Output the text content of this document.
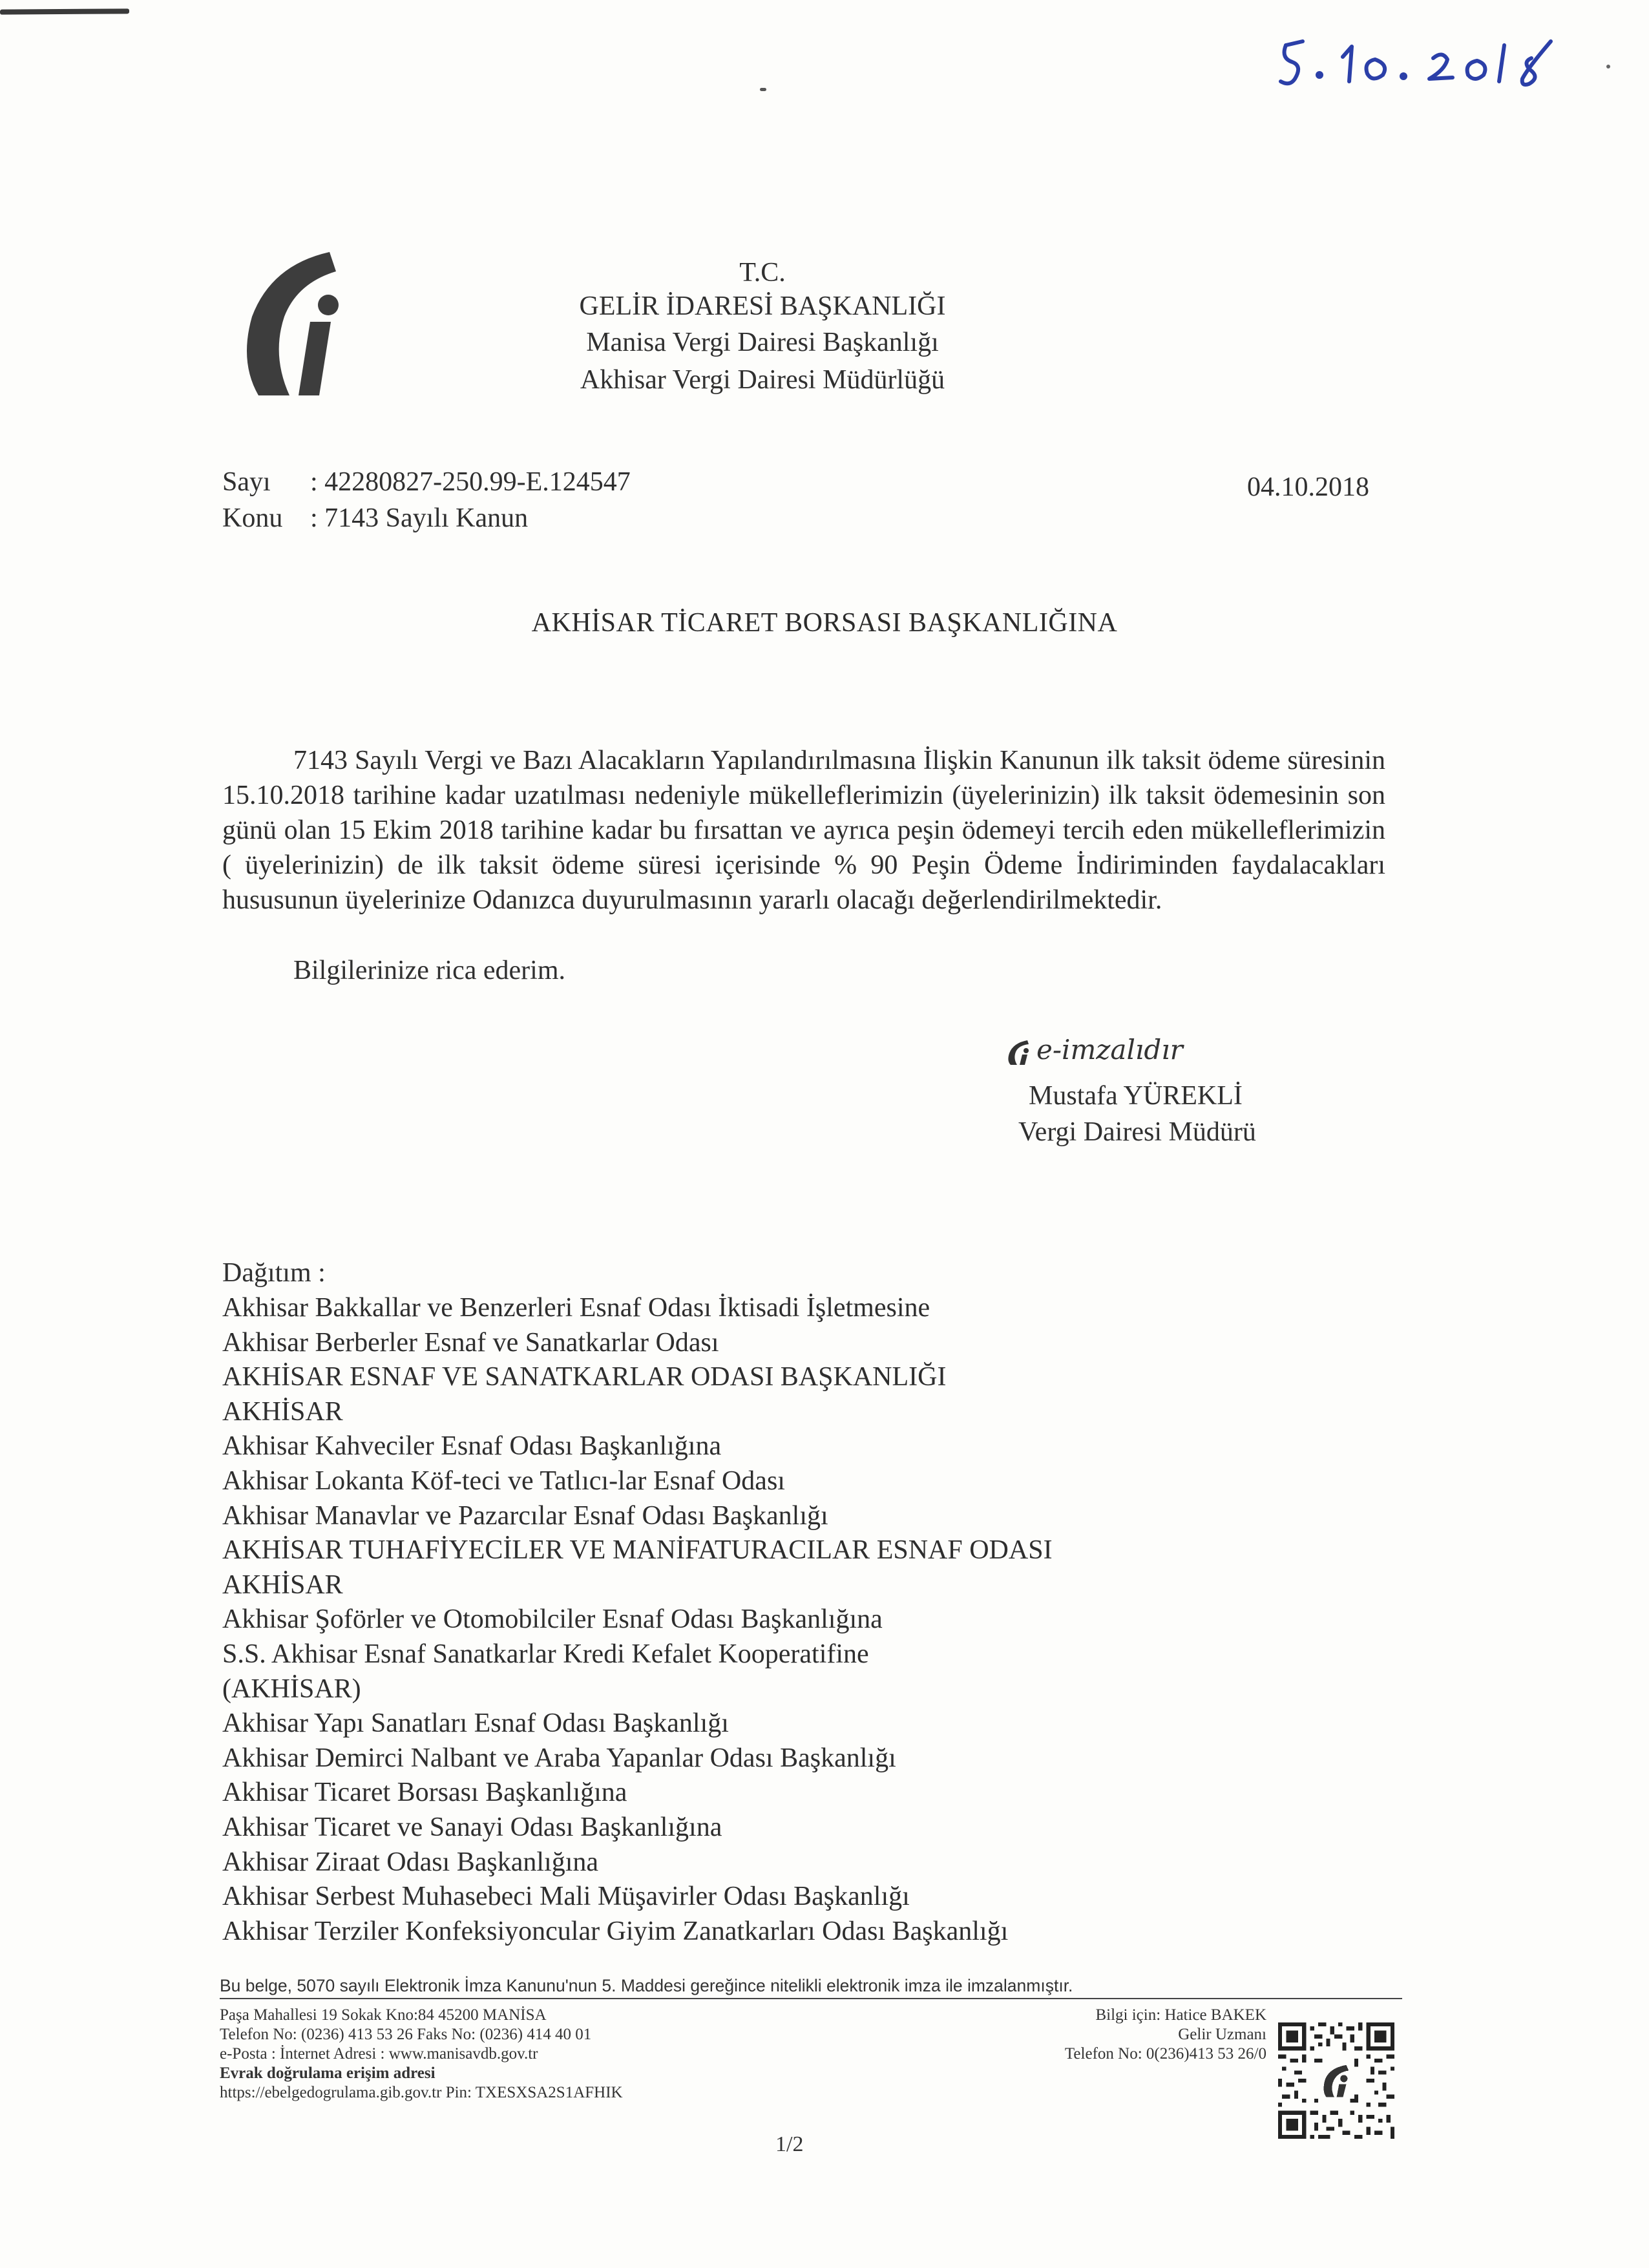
T.C.
GELİR İDARESİ BAŞKANLIĞI
Manisa Vergi Dairesi Başkanlığı
Akhisar Vergi Dairesi Müdürlüğü
Sayı : 42280827-250.99-E.124547
Konu : 7143 Sayılı Kanun
04.10.2018
AKHİSAR TİCARET BORSASI BAŞKANLIĞINA
7143 Sayılı Vergi ve Bazı Alacakların Yapılandırılmasına İlişkin Kanunun ilk taksit ödeme süresinin 15.10.2018 tarihine kadar uzatılması nedeniyle mükelleflerimizin (üyelerinizin) ilk taksit ödemesinin son günü olan 15 Ekim 2018 tarihine kadar bu fırsattan ve ayrıca peşin ödemeyi tercih eden mükelleflerimizin ( üyelerinizin) de ilk taksit ödeme süresi içerisinde % 90 Peşin Ödeme İndiriminden faydalacakları hususunun üyelerinize Odanızca duyurulmasının yararlı olacağı değerlendirilmektedir.
Bilgilerinize rica ederim.
e-imzalıdır
Mustafa YÜREKLİ
Vergi Dairesi Müdürü
Dağıtım :
Akhisar Bakkallar ve Benzerleri Esnaf Odası İktisadi İşletmesine
Akhisar Berberler Esnaf ve Sanatkarlar Odası
AKHİSAR ESNAF VE SANATKARLAR ODASI BAŞKANLIĞI
AKHİSAR
Akhisar Kahveciler Esnaf Odası Başkanlığına
Akhisar Lokanta Köf-teci ve Tatlıcı-lar Esnaf Odası
Akhisar Manavlar ve Pazarcılar Esnaf Odası Başkanlığı
AKHİSAR TUHAFİYECİLER VE MANİFATURACILAR ESNAF ODASI
AKHİSAR
Akhisar Şoförler ve Otomobilciler Esnaf Odası Başkanlığına
S.S. Akhisar Esnaf Sanatkarlar Kredi Kefalet Kooperatifine
(AKHİSAR)
Akhisar Yapı Sanatları Esnaf Odası Başkanlığı
Akhisar Demirci Nalbant ve Araba Yapanlar Odası Başkanlığı
Akhisar Ticaret Borsası Başkanlığına
Akhisar Ticaret ve Sanayi Odası Başkanlığına
Akhisar Ziraat Odası Başkanlığına
Akhisar Serbest Muhasebeci Mali Müşavirler Odası Başkanlığı
Akhisar Terziler Konfeksiyoncular Giyim Zanatkarları Odası Başkanlığı
Bu belge, 5070 sayılı Elektronik İmza Kanunu'nun 5. Maddesi gereğince nitelikli elektronik imza ile imzalanmıştır.
Paşa Mahallesi 19 Sokak Kno:84 45200 MANİSA
Telefon No: (0236) 413 53 26 Faks No: (0236) 414 40 01
e-Posta : İnternet Adresi : www.manisavdb.gov.tr
Evrak doğrulama erişim adresi
https://ebelgedogrulama.gib.gov.tr Pin: TXESXSA2S1AFHIK
Bilgi için: Hatice BAKEK
Gelir Uzmanı
Telefon No: 0(236)413 53 26/0
1/2
